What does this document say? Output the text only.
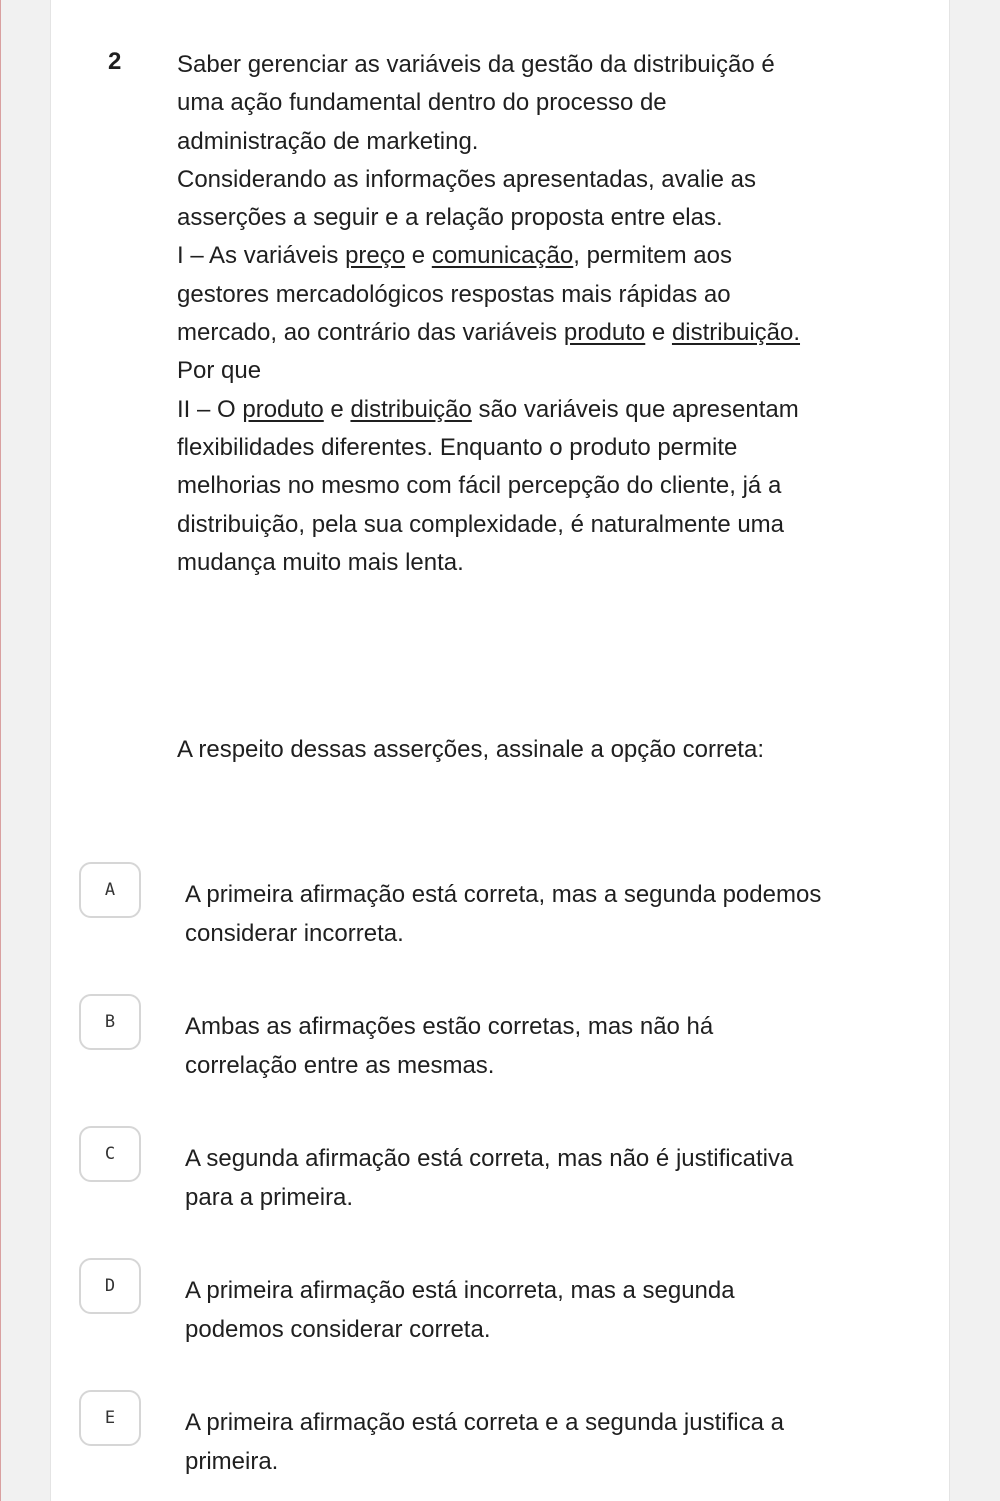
2 Saber gerenciar as variáveis da gestão da distribuição é uma ação fundamental dentro do processo de administração de marketing.

Considerando as informações apresentadas, avalie as asserções a seguir e a relação proposta entre elas.

I – As variáveis preço e comunicação, permitem aos gestores mercadológicos respostas mais rápidas ao mercado, ao contrário das variáveis produto e distribuição.

Por que

II – O produto e distribuição são variáveis que apresentam flexibilidades diferentes. Enquanto o produto permite melhorias no mesmo com fácil percepção do cliente, já a distribuição, pela sua complexidade, é naturalmente uma mudança muito mais lenta.

A respeito dessas asserções, assinale a opção correta:
A	A primeira afirmação está correta, mas a segunda podemos considerar incorreta.
B	Ambas as afirmações estão corretas, mas não há correlação entre as mesmas.
C	A segunda afirmação está correta, mas não é justificativa para a primeira.
D	A primeira afirmação está incorreta, mas a segunda podemos considerar correta.
E	A primeira afirmação está correta e a segunda justifica a primeira.
